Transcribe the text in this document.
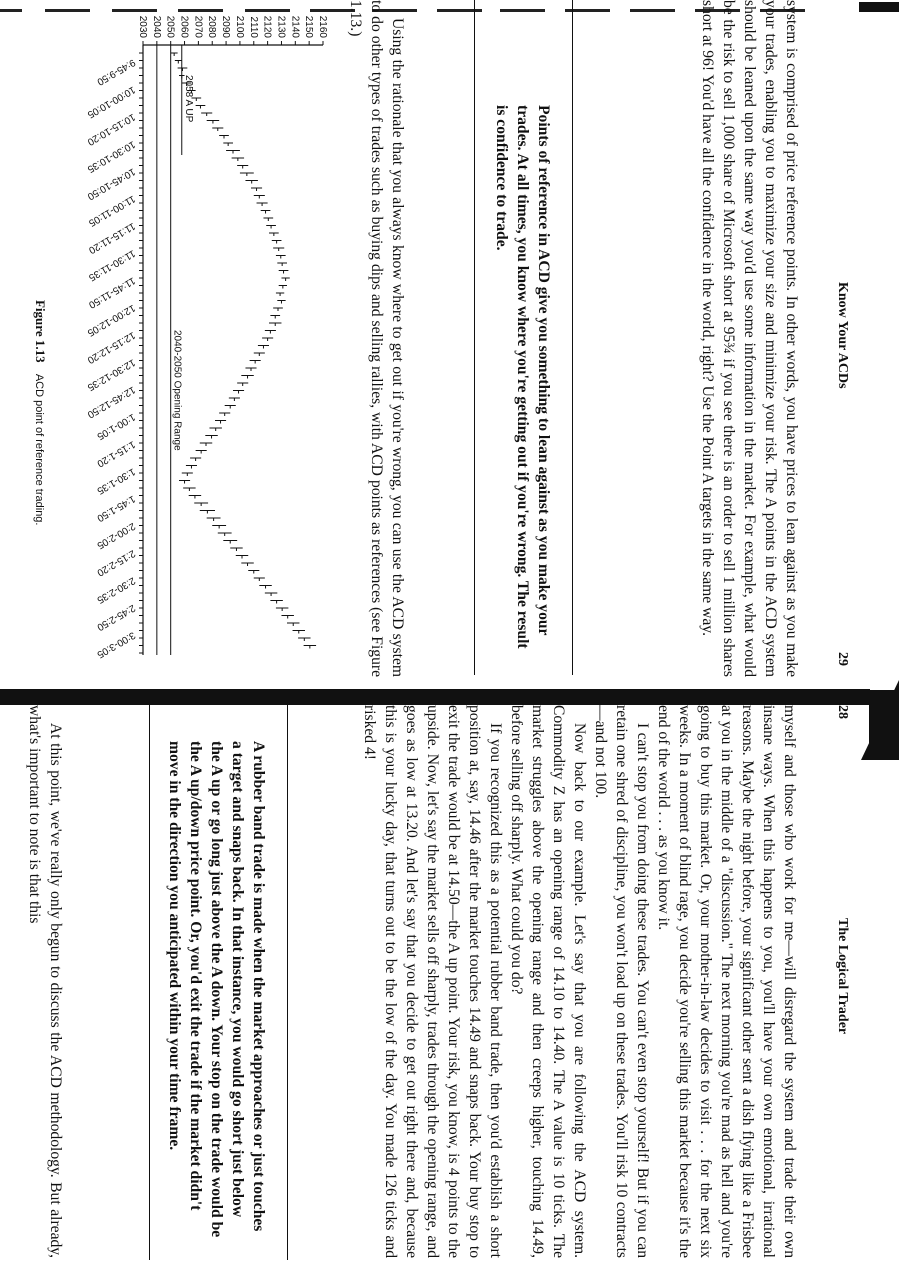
Know Your ACDs
29

system is comprised of price reference points. In other words, you have prices to lean against as you make your trades, enabling you to maximize your size and minimize your risk. The A points in the ACD system should be leaned upon the same way you'd use some information in the market. For example, what would be the risk to sell 1,000 share of Microsoft short at 95¾ if you see there is an order to sell 1 million shares short at 96! You'd have all the confidence in the world, right? Use the Point A targets in the same way.

Points of reference in ACD give you something to lean against as you make your trades. At all times, you know where you're getting out if you're wrong. The result is confidence to trade.

Using the rationale that you always know where to get out if you're wrong, you can use the ACD system to do other types of trades such as buying dips and selling rallies, with ACD points as references (see Figure 1.13.)

2030 2040 2050 2060 2070 2080 2090 2100 2110 2120 2130 2140 2150 2160
2040-2050 Opening Range
2058 A UP
9:45-9:50
10:00-10:05
10:15-10:20
10:30-10:35
10:45-10:50
11:00-11:05
11:15-11:20
11:30-11:35
11:45-11:50
12:00-12:05
12:15-12:20
12:30-12:35
12:45-12:50
1:00-1:05
1:15-1:20
1:30-1:35
1:45-1:50
2:00-2:05
2:15-2:20
2:30-2:35
2:45-2:50
3:00-3:05
Figure 1.13 ACD point of reference trading.
28
The Logical Trader

myself and those who work for me—will disregard the system and trade their own insane ways. When this happens to you, you'll have your own emotional, irrational reasons. Maybe the night before, your significant other sent a dish flying like a Frisbee at you in the middle of a "discussion." The next morning you're mad as hell and you're going to buy this market. Or, your mother-in-law decides to visit . . . for the next six weeks. In a moment of blind rage, you decide you're selling this market because it's the end of the world . . . as you know it.

I can't stop you from doing these trades. You can't even stop yourself! But if you can retain one shred of discipline, you won't load up on these trades. You'll risk 10 contracts—and not 100.

Now back to our example. Let's say that you are following the ACD system. Commodity Z has an opening range of 14.10 to 14.40. The A value is 10 ticks. The market struggles above the opening range and then creeps higher, touching 14.49, before selling off sharply. What could you do?

If you recognized this as a potential rubber band trade, then you'd establish a short position at, say, 14.46 after the market touches 14.49 and snaps back. Your buy stop to exit the trade would be at 14.50—the A up point. Your risk, you know, is 4 points to the upside. Now, let's say the market sells off sharply, trades through the opening range, and goes as low at 13.20. And let's say that you decide to get out right there and, because this is your lucky day, that turns out to be the low of the day. You made 126 ticks and risked 4!

A rubber band trade is made when the market approaches or just touches a target and snaps back. In that instance, you would go short just below the A up or go long just above the A down. Your stop on the trade would be the A up/down price point. Or, you'd exit the trade if the market didn't move in the direction you anticipated within your time frame.

At this point, we've really only begun to discuss the ACD methodology. But already, what's important to note is that this
